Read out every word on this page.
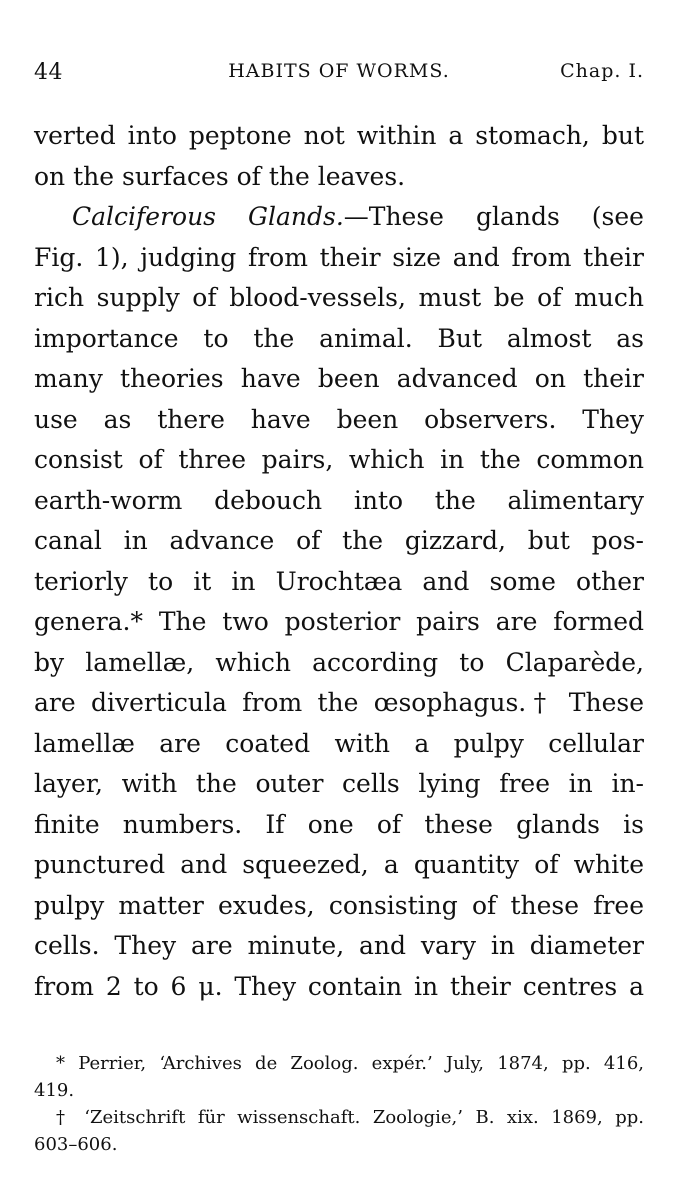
44	HABITS OF WORMS.	Chap. I.
verted into peptone not within a stomach, but
on the surfaces of the leaves.
Calciferous Glands.—These glands (see
Fig. 1), judging from their size and from their
rich supply of blood-vessels, must be of much
importance to the animal. But almost as
many theories have been advanced on their
use as there have been observers. They
consist of three pairs, which in the common
earth-worm debouch into the alimentary
canal in advance of the gizzard, but pos-
teriorly to it in Urochtæa and some other
genera.* The two posterior pairs are formed
by lamellæ, which according to Claparède,
are diverticula from the œsophagus.† These
lamellæ are coated with a pulpy cellular
layer, with the outer cells lying free in in-
finite numbers. If one of these glands is
punctured and squeezed, a quantity of white
pulpy matter exudes, consisting of these free
cells. They are minute, and vary in diameter
from 2 to 6 μ. They contain in their centres a
* Perrier, ‘Archives de Zoolog. expér.’ July, 1874, pp. 416,
419.
† ‘Zeitschrift für wissenschaft. Zoologie,’ B. xix. 1869, pp.
603–606.
